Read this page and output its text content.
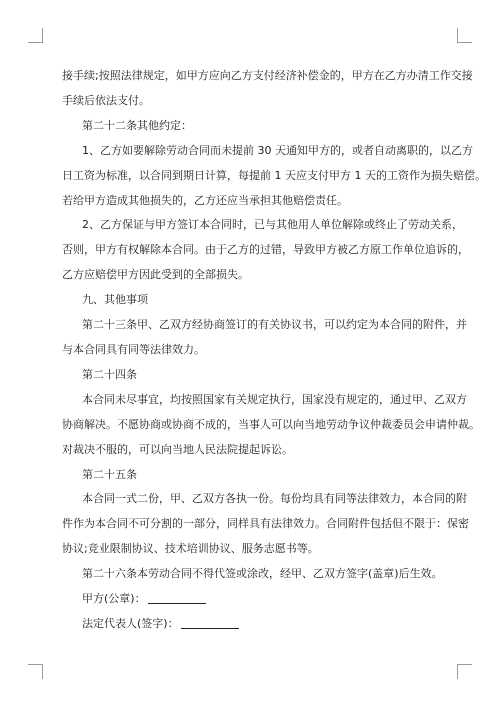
接手续;按照法律规定，如甲方应向乙方支付经济补偿金的，甲方在乙方办清工作交接
手续后依法支付。
第二十二条其他约定：
1、乙方如要解除劳动合同而未提前 30 天通知甲方的，或者自动离职的，以乙方
日工资为标准，以合同到期日计算，每提前 1 天应支付甲方 1 天的工资作为损失赔偿。
若给甲方造成其他损失的，乙方还应当承担其他赔偿责任。
2、乙方保证与甲方签订本合同时，已与其他用人单位解除或终止了劳动关系，
否则，甲方有权解除本合同。由于乙方的过错，导致甲方被乙方原工作单位追诉的，
乙方应赔偿甲方因此受到的全部损失。
九、其他事项
第二十三条甲、乙双方经协商签订的有关协议书，可以约定为本合同的附件，并
与本合同具有同等法律效力。
第二十四条
本合同未尽事宜，均按照国家有关规定执行，国家没有规定的，通过甲、乙双方
协商解决。不愿协商或协商不成的，当事人可以向当地劳动争议仲裁委员会申请仲裁。
对裁决不服的，可以向当地人民法院提起诉讼。
第二十五条
本合同一式二份，甲、乙双方各执一份。每份均具有同等法律效力，本合同的附
件作为本合同不可分割的一部分，同样具有法律效力。合同附件包括但不限于：保密
协议;竞业限制协议、技术培训协议、服务志愿书等。
第二十六条本劳动合同不得代签或涂改，经甲、乙双方签字(盖章)后生效。
甲方(公章)：
法定代表人(签字)：
